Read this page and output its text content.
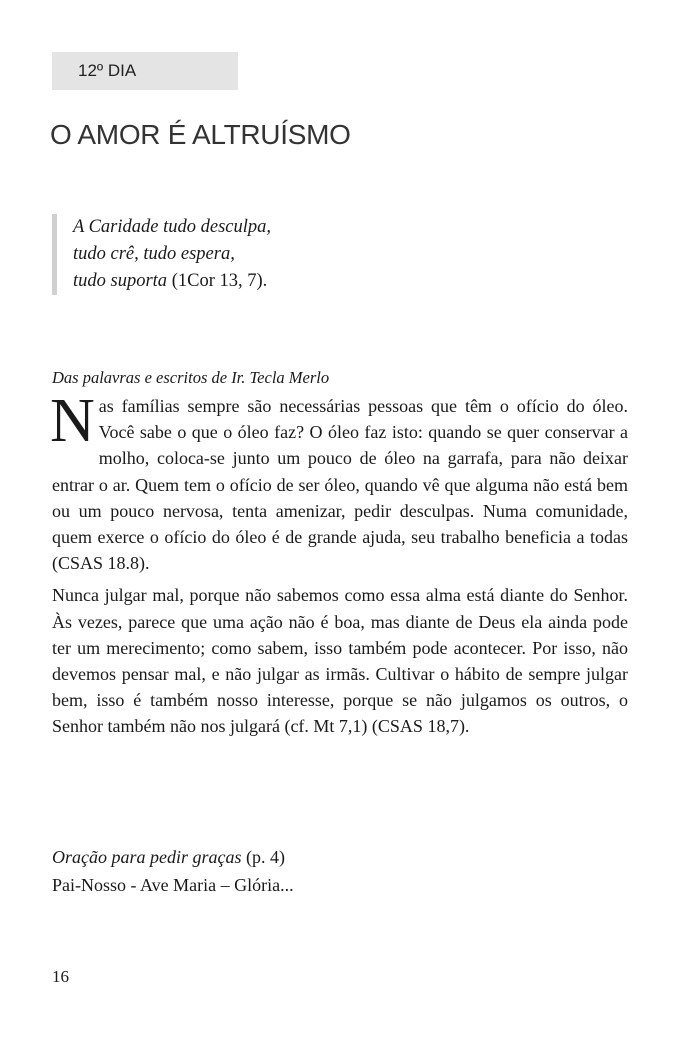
12º DIA
O AMOR É ALTRUÍSMO
A Caridade tudo desculpa,
tudo crê, tudo espera,
tudo suporta (1Cor 13, 7).
Das palavras e escritos de Ir. Tecla Merlo

Nas famílias sempre são necessárias pessoas que têm o ofício do óleo. Você sabe o que o óleo faz? O óleo faz isto: quando se quer conservar a molho, coloca-se junto um pouco de óleo na garrafa, para não deixar entrar o ar. Quem tem o ofício de ser óleo, quando vê que alguma não está bem ou um pouco nervosa, tenta amenizar, pedir desculpas. Numa comunidade, quem exerce o ofício do óleo é de grande ajuda, seu trabalho beneficia a todas (CSAS 18.8).

Nunca julgar mal, porque não sabemos como essa alma está diante do Senhor. Às vezes, parece que uma ação não é boa, mas diante de Deus ela ainda pode ter um merecimento; como sabem, isso também pode acontecer. Por isso, não devemos pensar mal, e não julgar as irmãs. Cultivar o hábito de sempre julgar bem, isso é também nosso interesse, porque se não julgamos os outros, o Senhor também não nos julgará (cf. Mt 7,1) (CSAS 18,7).

Oração para pedir graças (p. 4)
Pai-Nosso - Ave Maria – Glória...
16
